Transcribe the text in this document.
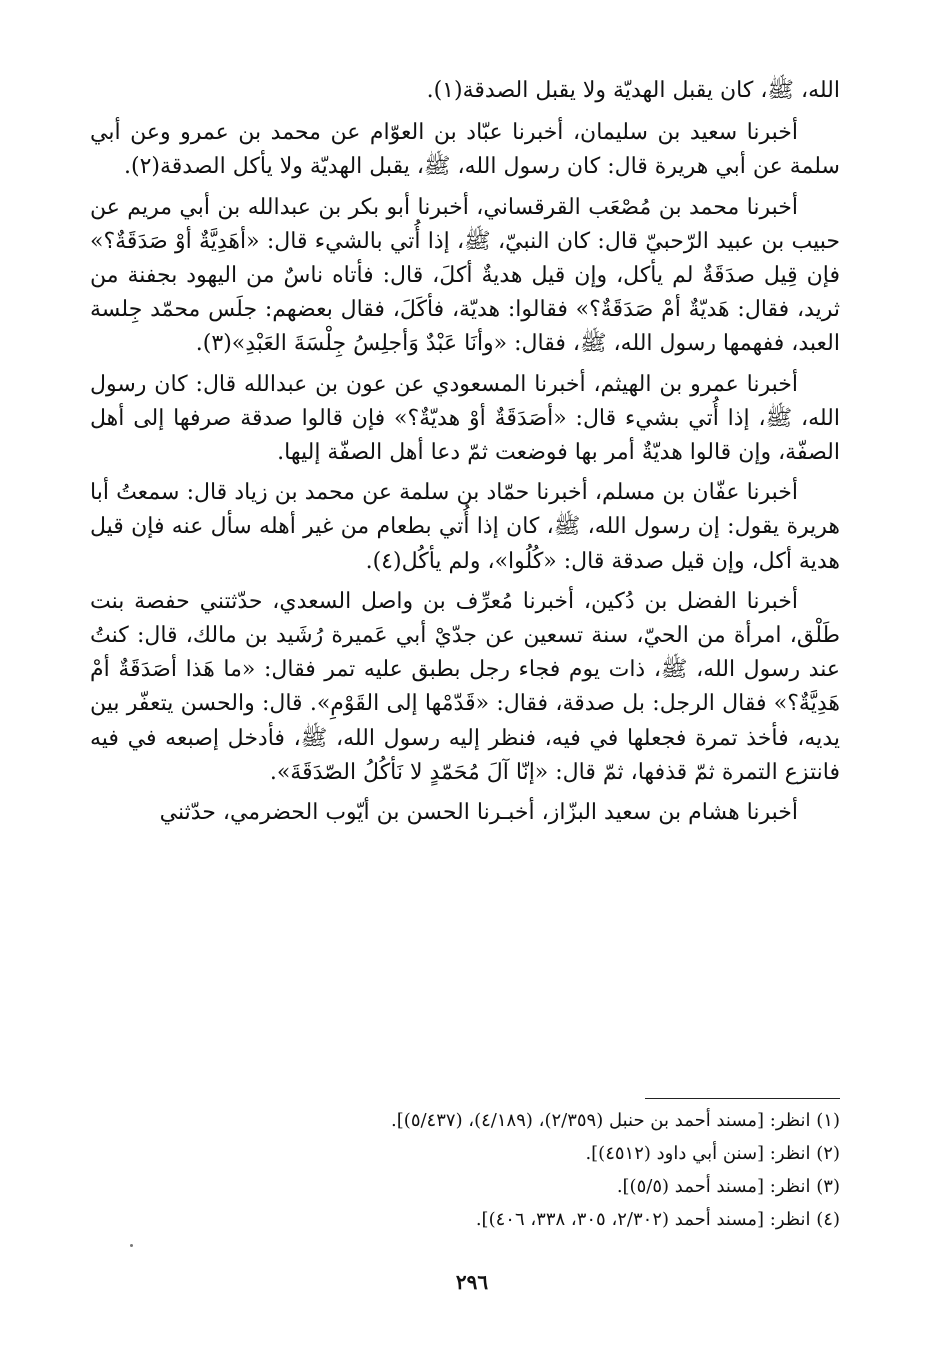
الله، ﷺ، كان يقبل الهديّة ولا يقبل الصدقة(١).

أخبرنا سعيد بن سليمان، أخبرنا عبّاد بن العوّام عن محمد بن عمرو وعن أبي سلمة عن أبي هريرة قال: كان رسول الله، ﷺ، يقبل الهديّة ولا يأكل الصدقة(٢).

أخبرنا محمد بن مُصْعَب القرقساني، أخبرنا أبو بكر بن عبدالله بن أبي مريم عن حبيب بن عبيد الرّحبيّ قال: كان النبيّ، ﷺ، إذا أُتي بالشيء قال: «أهَدِيَّةٌ أوْ صَدَقَةٌ؟» فإن قِيل صدَقَةٌ لم يأكل، وإن قيل هديةٌ أكلَ، قال: فأتاه ناسٌ من اليهود بجفنة من ثريد، فقال: هَديّةٌ أمْ صَدَقَةٌ؟» فقالوا: هديّة، فأكَلَ، فقال بعضهم: جلَس محمّد جِلسة العبد، ففهمها رسول الله، ﷺ، فقال: «وأنَا عَبْدٌ وَأجلِسُ جِلْسَةَ العَبْدِ»(٣).

أخبرنا عمرو بن الهيثم، أخبرنا المسعودي عن عون بن عبدالله قال: كان رسول الله، ﷺ، إذا أُتي بشيء قال: «أصَدَقَةٌ أوْ هديّةٌ؟» فإن قالوا صدقة صرفها إلى أهل الصفّة، وإن قالوا هديّةٌ أمر بها فوضعت ثمّ دعا أهل الصفّة إليها.

أخبرنا عفّان بن مسلم، أخبرنا حمّاد بن سلمة عن محمد بن زياد قال: سمعتُ أبا هريرة يقول: إن رسول الله، ﷺ، كان إذا أُتي بطعام من غير أهله سأل عنه فإن قيل هدية أكل، وإن قيل صدقة قال: «كُلُوا»، ولم يأكُل(٤).

أخبرنا الفضل بن دُكين، أخبرنا مُعرِّف بن واصل السعدي، حدّثتني حفصة بنت طَلْق، امرأة من الحيّ، سنة تسعين عن جدّيْ أبي عَميرة رُشَيد بن مالك، قال: كنتُ عند رسول الله، ﷺ، ذات يوم فجاء رجل بطبق عليه تمر فقال: «ما هَذا أصَدَقَةٌ أمْ هَدِيَّةٌ؟» فقال الرجل: بل صدقة، فقال: «قَدّمْها إلى القَوْمِ». قال: والحسن يتعفّر بين يديه، فأخذ تمرة فجعلها في فيه، فنظر إليه رسول الله، ﷺ، فأدخل إصبعه في فيه فانتزع التمرة ثمّ قذفها، ثمّ قال: «إنّا آلَ مُحَمّدٍ لا نَأكُلُ الصّدَقَةَ».

أخبرنا هشام بن سعيد البزّاز، أخبـرنا الحسن بن أيّوب الحضرمي، حدّثني

(١) انظر: [مسند أحمد بن حنبل (٢/٣٥٩)، (٤/١٨٩)، (٥/٤٣٧)].

(٢) انظر: [سنن أبي داود (٤٥١٢)].

(٣) انظر: [مسند أحمد (٥/٥)].

(٤) انظر: [مسند أحمد (٢/٣٠٢، ٣٠٥، ٣٣٨، ٤٠٦)].

٢٩٦
